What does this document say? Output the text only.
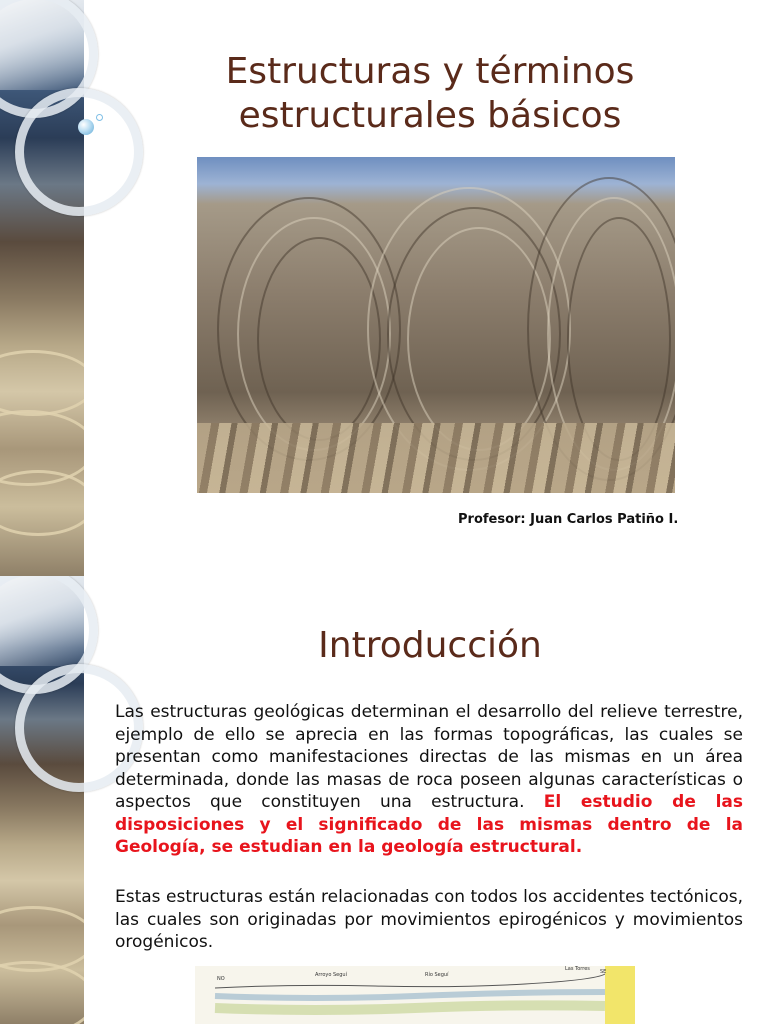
Estructuras y términos estructurales básicos
Profesor: Juan Carlos Patiño I.
Introducción

Las estructuras geológicas determinan el desarrollo del relieve terrestre, ejemplo de ello se aprecia en las formas topográficas, las cuales se presentan como manifestaciones directas de las mismas en un área determinada, donde las masas de roca poseen algunas características o aspectos que constituyen una estructura. El estudio de las disposiciones y el significado de las mismas dentro de la Geología, se estudian en la geología estructural.

Estas estructuras están relacionadas con todos los accidentes tectónicos, las cuales son originadas por movimientos epirogénicos y movimientos orogénicos.

NO
Arroyo Seguí	Río Seguí
Las Torres SE
